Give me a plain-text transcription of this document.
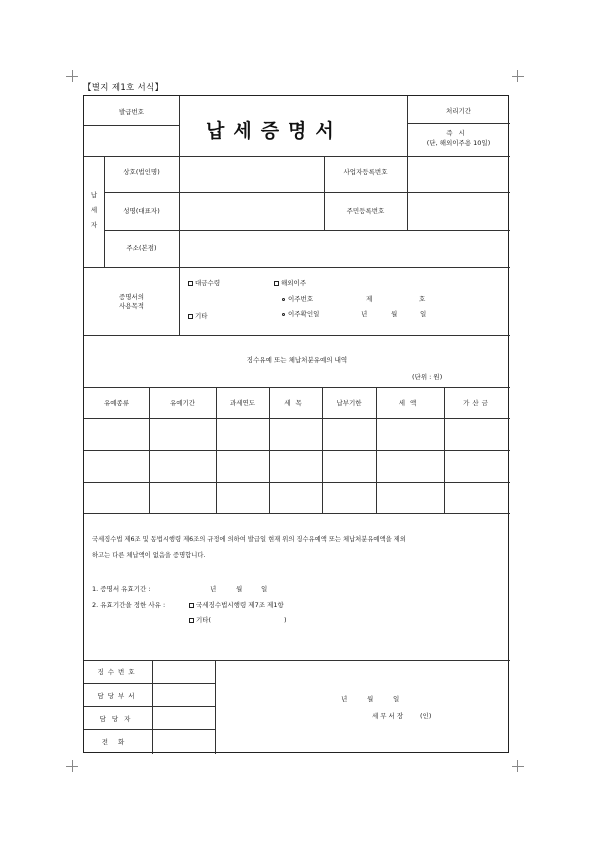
【별지 제1호 서식】
발급번호
납세증명서
처리기간
즉시
(단, 해외이주용 10일)
납세자
상호(법인명)	사업자등록번호
성명(대표자)	주민등록번호
주소(본점)
증명서의
사용목적
대금수령	해외이주
이주번호	제	호
기타	이주확인일	년	월	일
징수유예 또는 체납처분유예의 내역
(단위 : 원)
유예종류	유예기간	과세연도	세목	납부기한	세액	가산금
국세징수법 제6조 및 동법시행령 제6조의 규정에 의하여 발급일 현재 위의 징수유예액 또는 체납처분유예액을 제외
하고는 다른 체납액이 없음을 증명합니다.
1. 증명서 유효기간 :	년	월	일
2. 유효기간을 정한 사유 :	국세징수법시행령 제7조 제1항
기타(	)
징수번호
담당부서
담당자
전화
년	월	일
세무서장 (인)
